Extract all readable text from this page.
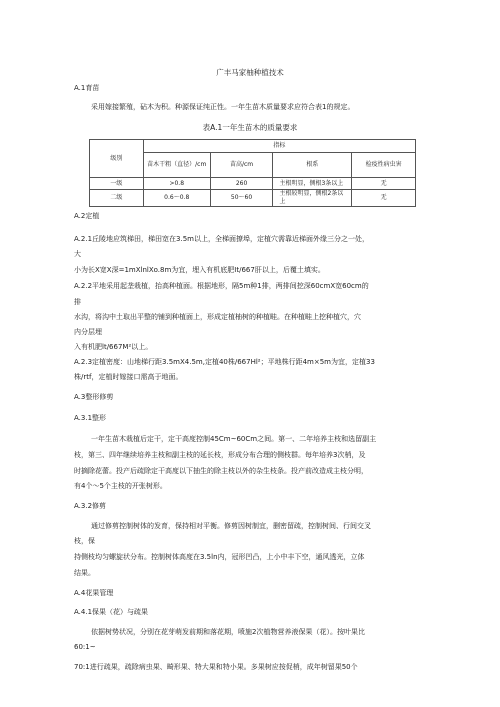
广丰马家柚种植技术
A.1育苗
采用嫁接繁殖，砧木为积。种源保证纯正性。一年生苗木质量要求应符合表1的规定。
表A.1一年生苗木的质量要求
级别	指标			
	苗木干粗（直径）/cm	苗高/cm	根系	检疫性病虫害
一级	>0.8	260	主根明显，侧根3条以上	无
二级	0.6～0.8	50～60	主根较明显，侧根2条以上	无
A.2定植
A.2.1丘陵地应筑梯田，梯田宽在3.5m以上，全梯面撩埠，定植穴需靠近梯面外缘三分之一处，
大
小为长X宽X深=1mXlnlXo.8m为宜，埋入有机底肥It/667肝以上，后覆土填实。
A.2.2平地采用起垄栽植，抬高种植面。根据地形，隔5m种1排，两排间挖深60cmX宽60cm的
排
水沟，将沟中土取出平整的铺到种植面上，形成定植柚树的种植畦。在种植畦上挖种植穴，穴
内分层埋
入有机肥lt/667M²以上。
A.2.3定植密度：山地梯行距3.5mX4.5m,定植40株/667Hl²；平地株行距4m×5m为宜，定植33
株/rtf，定植时嫁接口需高于地面。
A.3整形修剪
A.3.1整形
一年生苗木栽植后定干，定干高度控制45Cm~60Cm之间。第一、二年培养主枝和选留副主
枝，第三、四年继续培养主枝和副主枝的延长枝，形成分布合理的侧枝群。每年培养3次梢，及
时摘除花蕾。投产后疏除定干高度以下抽生的除主枝以外的杂生枝条。投产前改造成主枝分明，
有4个～5个主枝的开张树形。
A.3.2修剪
通过修剪控制树体的发育，保持相对平衡。修剪因树制宜，删密留疏，控制树间、行间交叉
枝，保
持侧枝均匀螺旋状分布。控制树体高度在3.5ln内，冠形凹凸，上小中丰下空，通风透光，立体
结果。
A.4花果管理
A.4.1保果（花）与疏果
依据树势状况，分别在花芽萌发前期和落花期，喷施2次植物营养液保果（花）。按叶果比
60:1~
70:1进行疏果，疏除病虫果、畸形果、特大果和特小果。多果树应按促梢，成年树留果50个
